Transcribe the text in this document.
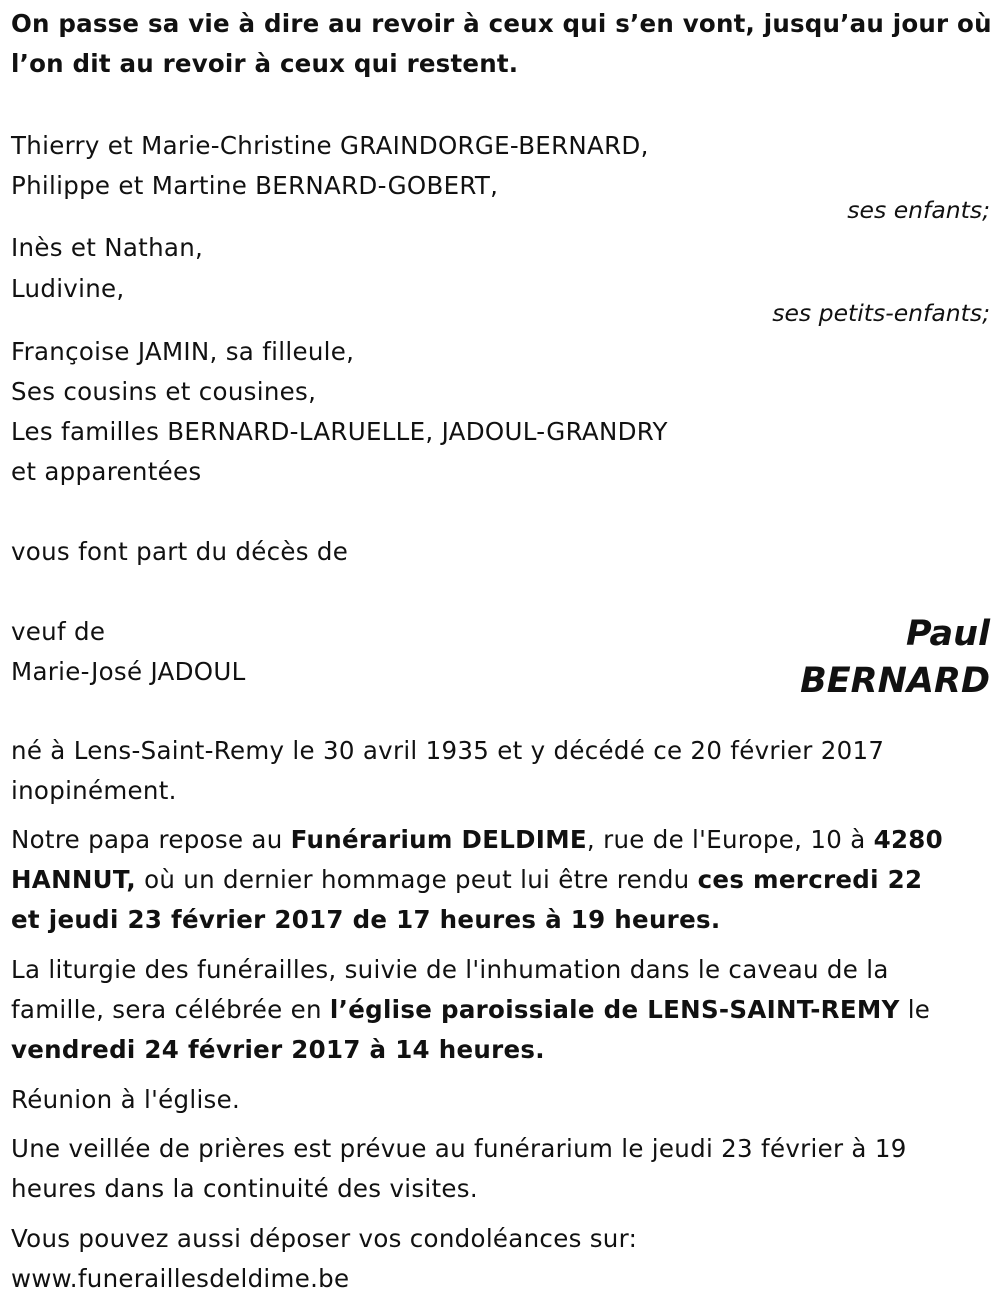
On passe sa vie à dire au revoir à ceux qui s’en vont, jusqu’au jour où
l’on dit au revoir à ceux qui restent.
Thierry et Marie-Christine GRAINDORGE-BERNARD,
Philippe et Martine BERNARD-GOBERT,
ses enfants;
Inès et Nathan,
Ludivine,
ses petits-enfants;
Françoise JAMIN, sa filleule,
Ses cousins et cousines,
Les familles BERNARD-LARUELLE, JADOUL-GRANDRY
et apparentées
vous font part du décès de
veuf de
Marie-José JADOUL
Paul
BERNARD
né à Lens-Saint-Remy le 30 avril 1935 et y décédé ce 20 février 2017
inopinément.
Notre papa repose au Funérarium DELDIME, rue de l'Europe, 10 à 4280
HANNUT, où un dernier hommage peut lui être rendu ces mercredi 22
et jeudi 23 février 2017 de 17 heures à 19 heures.
La liturgie des funérailles, suivie de l'inhumation dans le caveau de la
famille, sera célébrée en l’église paroissiale de LENS-SAINT-REMY le
vendredi 24 février 2017 à 14 heures.
Réunion à l'église.
Une veillée de prières est prévue au funérarium le jeudi 23 février à 19
heures dans la continuité des visites.
Vous pouvez aussi déposer vos condoléances sur:
www.funeraillesdeldime.be
